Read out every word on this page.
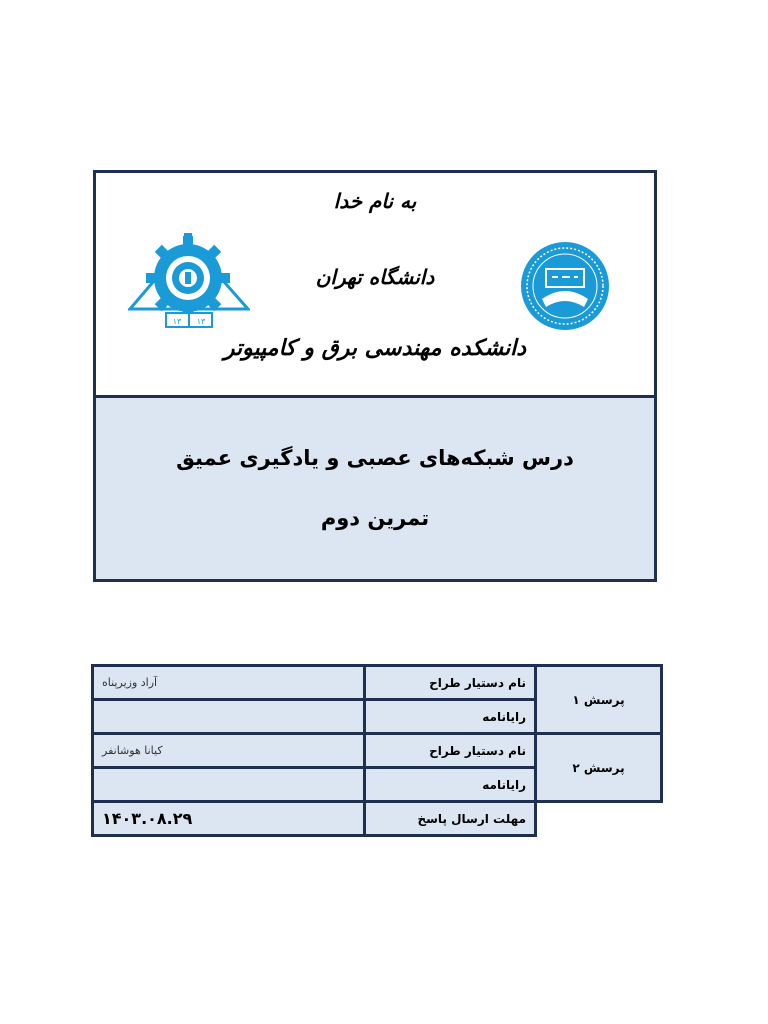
به نام خدا
دانشگاه تهران
دانشکده مهندسی برق و کامپیوتر
۱۳ ۱۳
درس شبکه‌های عصبی و یادگیری عمیق
تمرین دوم
پرسش ۱	نام دستیار طراح	آراد وزیرپناه
	رایانامه	
پرسش ۲	نام دستیار طراح	کیانا هوشانفر
	رایانامه	
	مهلت ارسال پاسخ	۱۴۰۳.۰۸.۲۹
